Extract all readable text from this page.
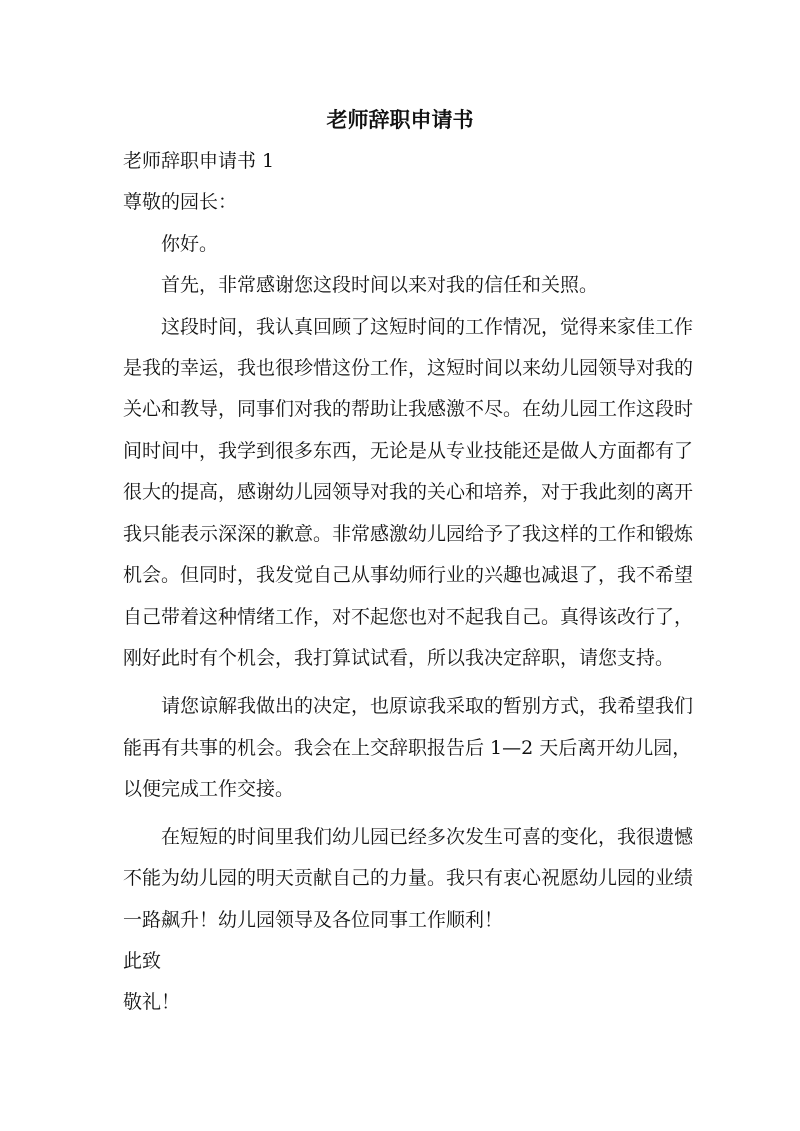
老师辞职申请书
老师辞职申请书 1
尊敬的园长：
你好。
首先，非常感谢您这段时间以来对我的信任和关照。
这段时间，我认真回顾了这短时间的工作情况，觉得来家佳工作
是我的幸运，我也很珍惜这份工作，这短时间以来幼儿园领导对我的
关心和教导，同事们对我的帮助让我感激不尽。在幼儿园工作这段时
间时间中，我学到很多东西，无论是从专业技能还是做人方面都有了
很大的提高，感谢幼儿园领导对我的关心和培养，对于我此刻的离开
我只能表示深深的歉意。非常感激幼儿园给予了我这样的工作和锻炼
机会。但同时，我发觉自己从事幼师行业的兴趣也减退了，我不希望
自己带着这种情绪工作，对不起您也对不起我自己。真得该改行了，
刚好此时有个机会，我打算试试看，所以我决定辞职，请您支持。
请您谅解我做出的决定，也原谅我采取的暂别方式，我希望我们
能再有共事的机会。我会在上交辞职报告后 1—2 天后离开幼儿园，
以便完成工作交接。
在短短的时间里我们幼儿园已经多次发生可喜的变化，我很遗憾
不能为幼儿园的明天贡献自己的力量。我只有衷心祝愿幼儿园的业绩
一路飙升！幼儿园领导及各位同事工作顺利！
此致
敬礼！
